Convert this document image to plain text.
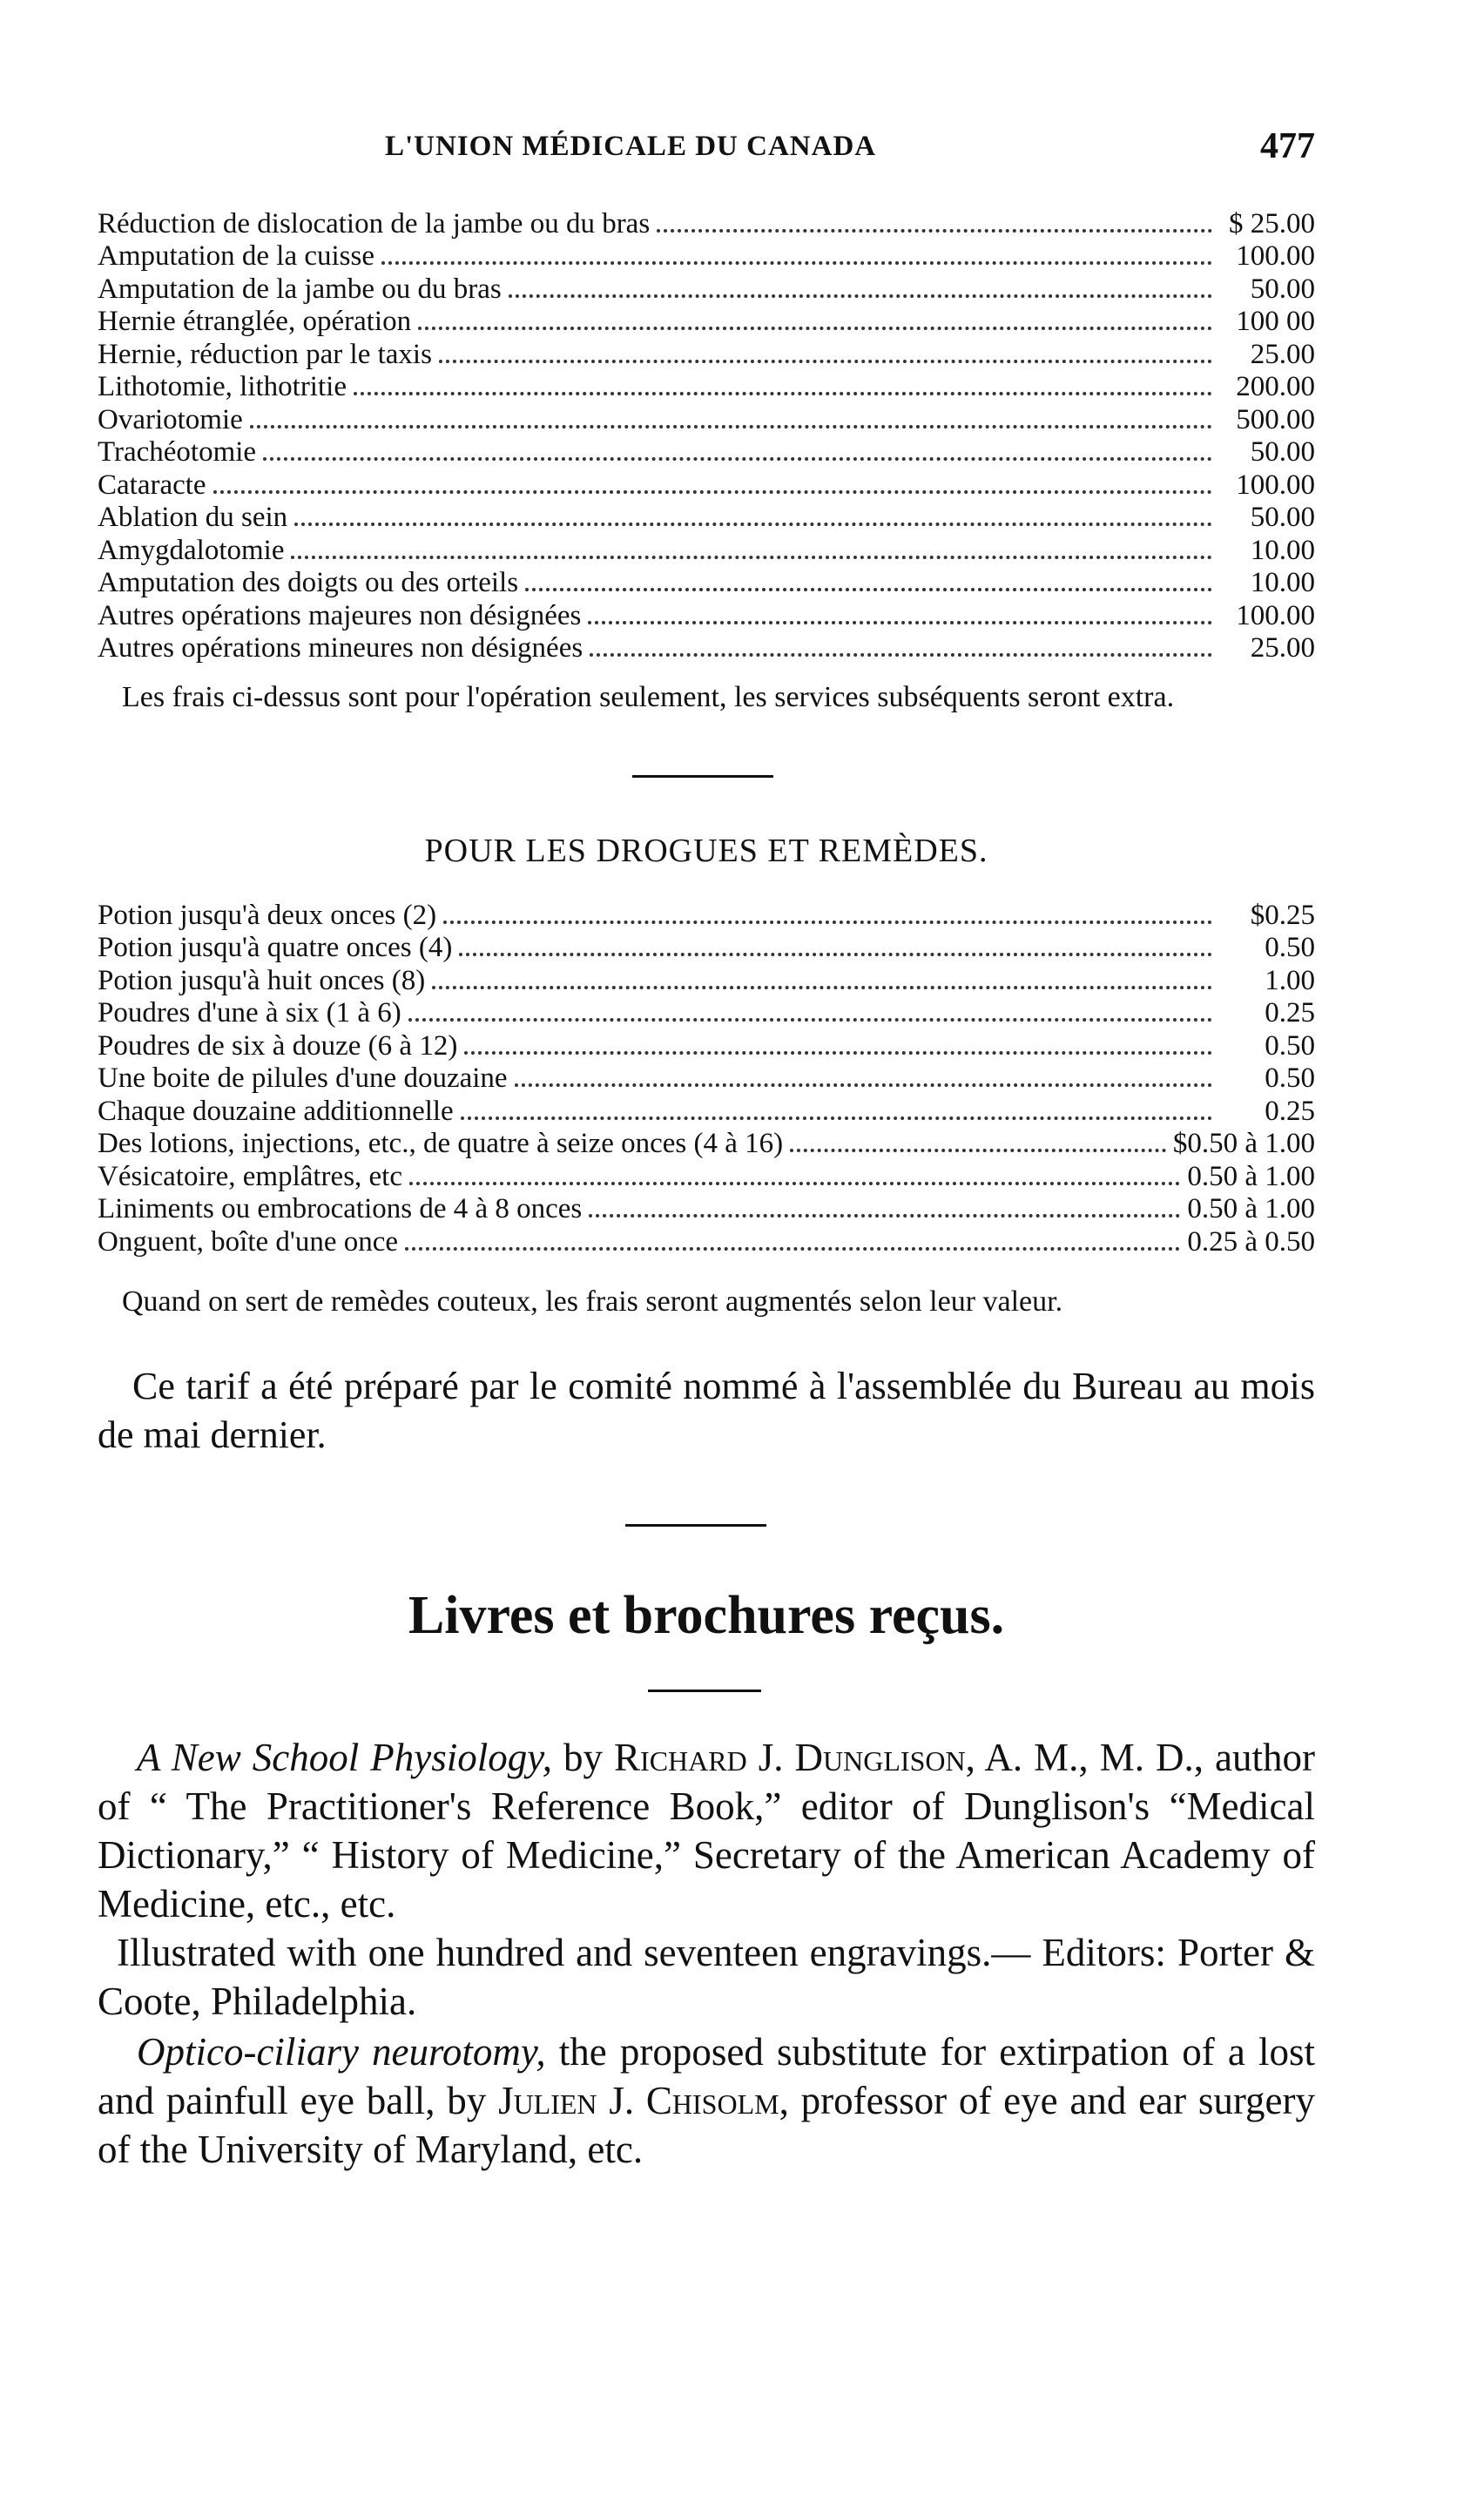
L'UNION MÉDICALE DU CANADA	477
Réduction de dislocation de la jambe ou du bras	$ 25.00
Amputation de la cuisse	100.00
Amputation de la jambe ou du bras	50.00
Hernie étranglée, opération	100 00
Hernie, réduction par le taxis	25.00
Lithotomie, lithotritie	200.00
Ovariotomie	500.00
Trachéotomie	50.00
Cataracte	100.00
Ablation du sein	50.00
Amygdalotomie	10.00
Amputation des doigts ou des orteils	10.00
Autres opérations majeures non désignées	100.00
Autres opérations mineures non désignées	25.00
Les frais ci-dessus sont pour l'opération seulement, les services subséquents seront extra.
POUR LES DROGUES ET REMÈDES.
Potion jusqu'à deux onces (2)	$0.25
Potion jusqu'à quatre onces (4)	0.50
Potion jusqu'à huit onces (8)	1.00
Poudres d'une à six (1 à 6)	0.25
Poudres de six à douze (6 à 12)	0.50
Une boite de pilules d'une douzaine	0.50
Chaque douzaine additionnelle	0.25
Des lotions, injections, etc., de quatre à seize onces (4 à 16)	$0.50 à 1.00
Vésicatoire, emplâtres, etc	0.50 à 1.00
Liniments ou embrocations de 4 à 8 onces	0.50 à 1.00
Onguent, boîte d'une once	0.25 à 0.50
Quand on sert de remèdes couteux, les frais seront augmentés selon leur valeur.
Ce tarif a été préparé par le comité nommé à l'assemblée du Bureau au mois de mai dernier.
Livres et brochures reçus.
A New School Physiology, by Richard J. Dunglison, A. M., M. D., author of “ The Practitioner's Reference Book,” editor of Dunglison's “Medical Dictionary,” “ History of Medicine,” Secretary of the American Academy of Medicine, etc., etc.
Illustrated with one hundred and seventeen engravings.— Editors: Porter & Coote, Philadelphia.
Optico-ciliary neurotomy, the proposed substitute for extirpation of a lost and painfull eye ball, by Julien J. Chisolm, professor of eye and ear surgery of the University of Maryland, etc.
